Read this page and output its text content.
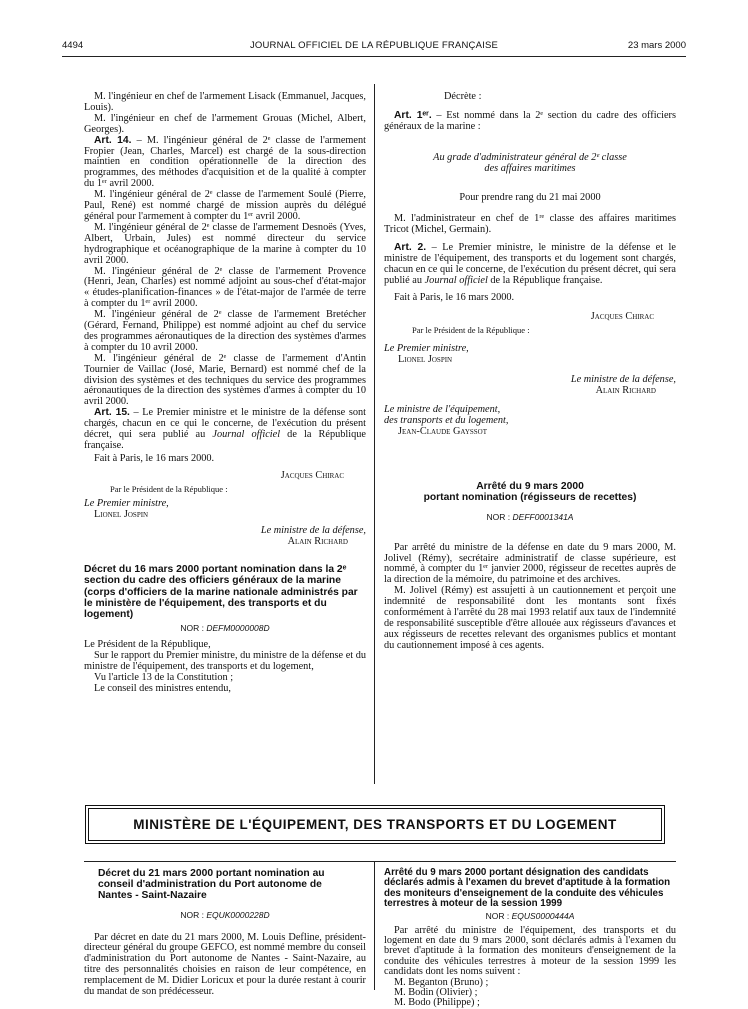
4494	JOURNAL OFFICIEL DE LA RÉPUBLIQUE FRANÇAISE	23 mars 2000

M. l'ingénieur en chef de l'armement Lisack (Emmanuel, Jacques, Louis).

M. l'ingénieur en chef de l'armement Grouas (Michel, Albert, Georges).

Art. 14. – M. l'ingénieur général de 2ᵉ classe de l'armement Fropier (Jean, Charles, Marcel) est chargé de la sous-direction maintien en condition opérationnelle de la direction des programmes, des méthodes d'acquisition et de la qualité à compter du 1ᵉʳ avril 2000.

M. l'ingénieur général de 2ᵉ classe de l'armement Soulé (Pierre, Paul, René) est nommé chargé de mission auprès du délégué général pour l'armement à compter du 1ᵉʳ avril 2000.

M. l'ingénieur général de 2ᵉ classe de l'armement Desnoës (Yves, Albert, Urbain, Jules) est nommé directeur du service hydrographique et océanographique de la marine à compter du 10 avril 2000.

M. l'ingénieur général de 2ᵉ classe de l'armement Provence (Henri, Jean, Charles) est nommé adjoint au sous-chef d'état-major « études-planification-finances » de l'état-major de l'armée de terre à compter du 1ᵉʳ avril 2000.

M. l'ingénieur général de 2ᵉ classe de l'armement Bretécher (Gérard, Fernand, Philippe) est nommé adjoint au chef du service des programmes aéronautiques de la direction des systèmes d'armes à compter du 10 avril 2000.

M. l'ingénieur général de 2ᵉ classe de l'armement d'Antin Tournier de Vaillac (José, Marie, Bernard) est nommé chef de la division des systèmes et des techniques du service des programmes aéronautiques de la direction des systèmes d'armes à compter du 10 avril 2000.

Art. 15. – Le Premier ministre et le ministre de la défense sont chargés, chacun en ce qui le concerne, de l'exécution du présent décret, qui sera publié au Journal officiel de la République française.

Fait à Paris, le 16 mars 2000.

Jacques Chirac
Par le Président de la République :
Le Premier ministre,
Lionel Jospin
Le ministre de la défense,
Alain Richard
Décret du 16 mars 2000 portant nomination dans la 2ᵉ section du cadre des officiers généraux de la marine (corps d'officiers de la marine nationale administrés par le ministère de l'équipement, des transports et du logement)
NOR : DEFM0000008D

Le Président de la République,

Sur le rapport du Premier ministre, du ministre de la défense et du ministre de l'équipement, des transports et du logement,

Vu l'article 13 de la Constitution ;

Le conseil des ministres entendu,

Décrète :

Art. 1ᵉʳ. – Est nommé dans la 2ᵉ section du cadre des officiers généraux de la marine :

Au grade d'administrateur général de 2ᵉ classe
des affaires maritimes
Pour prendre rang du 21 mai 2000

M. l'administrateur en chef de 1ʳᵉ classe des affaires maritimes Tricot (Michel, Germain).

Art. 2. – Le Premier ministre, le ministre de la défense et le ministre de l'équipement, des transports et du logement sont chargés, chacun en ce qui le concerne, de l'exécution du présent décret, qui sera publié au Journal officiel de la République française.

Fait à Paris, le 16 mars 2000.

Jacques Chirac
Par le Président de la République :
Le Premier ministre,
Lionel Jospin
Le ministre de la défense,
Alain Richard
Le ministre de l'équipement,
des transports et du logement,
Jean-Claude Gayssot
Arrêté du 9 mars 2000
portant nomination (régisseurs de recettes)
NOR : DEFF0001341A

Par arrêté du ministre de la défense en date du 9 mars 2000, M. Jolivel (Rémy), secrétaire administratif de classe supérieure, est nommé, à compter du 1ᵉʳ janvier 2000, régisseur de recettes auprès de la direction de la mémoire, du patrimoine et des archives.

M. Jolivel (Rémy) est assujetti à un cautionnement et perçoit une indemnité de responsabilité dont les montants sont fixés conformément à l'arrêté du 28 mai 1993 relatif aux taux de l'indemnité de responsabilité susceptible d'être allouée aux régisseurs d'avances et aux régisseurs de recettes relevant des organismes publics et montant du cautionnement imposé à ces agents.

MINISTÈRE DE L'ÉQUIPEMENT, DES TRANSPORTS ET DU LOGEMENT
Décret du 21 mars 2000 portant nomination au conseil d'administration du Port autonome de Nantes - Saint-Nazaire
NOR : EQUK0000228D

Par décret en date du 21 mars 2000, M. Louis Defline, président-directeur général du groupe GEFCO, est nommé membre du conseil d'administration du Port autonome de Nantes - Saint-Nazaire, au titre des personnalités choisies en raison de leur compétence, en remplacement de M. Didier Loricux et pour la durée restant à courir du mandat de son prédécesseur.

Arrêté du 9 mars 2000 portant désignation des candidats déclarés admis à l'examen du brevet d'aptitude à la formation des moniteurs d'enseignement de la conduite des véhicules terrestres à moteur de la session 1999
NOR : EQUS0000444A

Par arrêté du ministre de l'équipement, des transports et du logement en date du 9 mars 2000, sont déclarés admis à l'examen du brevet d'aptitude à la formation des moniteurs d'enseignement de la conduite des véhicules terrestres à moteur de la session 1999 les candidats dont les noms suivent :

M. Beganton (Bruno) ;
M. Bodin (Olivier) ;
M. Bodo (Philippe) ;
